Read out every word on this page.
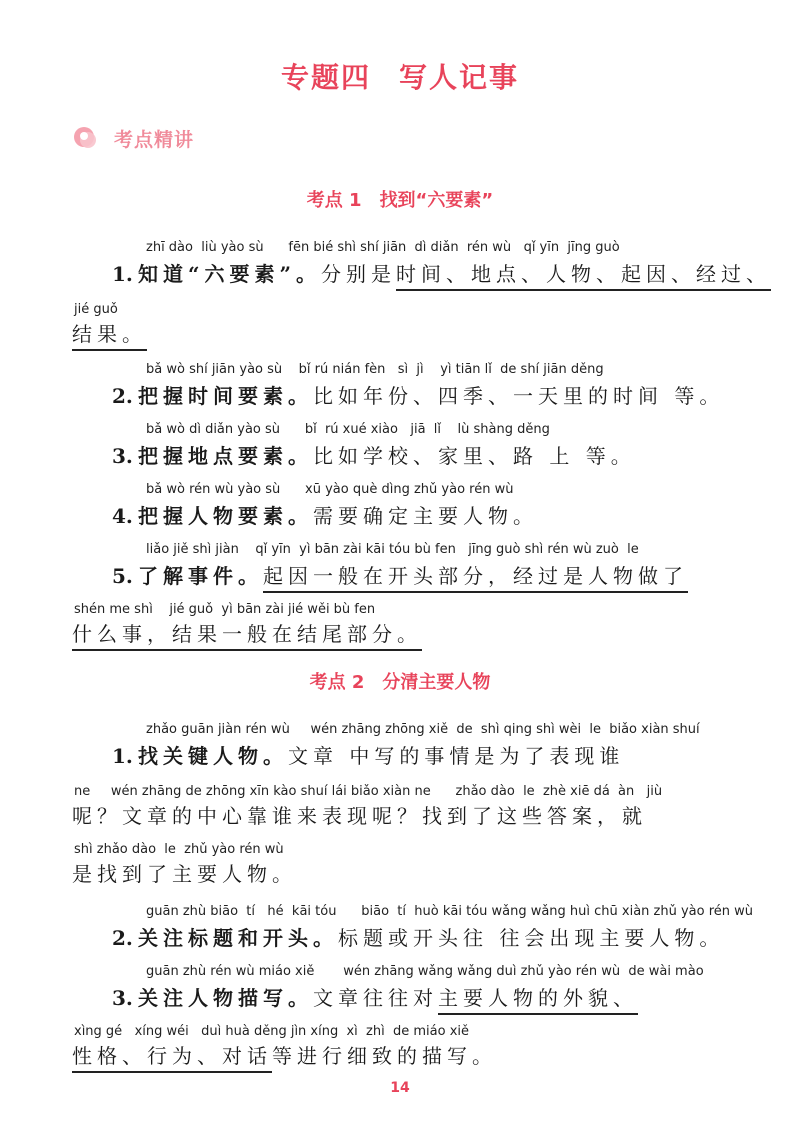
专题四 写人记事
考点精讲
考点 1 找到“六要素”
zhī dào  liù yào sù      fēn bié shì shí jiān  dì diǎn  rén wù   qǐ yīn  jīng guò
1. 知道“六要素”。分别是时间、地点、人物、起因、经过、
jié guǒ
结果。
bǎ wò shí jiān yào sù    bǐ rú nián fèn   sì  jì    yì tiān lǐ  de shí jiān děng
2. 把握时间要素。比如年份、四季、一天里的时间 等。
bǎ wò dì diǎn yào sù      bǐ  rú xué xiào   jiā  lǐ    lù shàng děng
3. 把握地点要素。比如学校、家里、路 上 等。
bǎ wò rén wù yào sù      xū yào què dìng zhǔ yào rén wù
4. 把握人物要素。需要确定主要人物。
liǎo jiě shì jiàn    qǐ yīn  yì bān zài kāi tóu bù fen   jīng guò shì rén wù zuò  le
5. 了解事件。起因一般在开头部分，经过是人物做了
shén me shì    jié guǒ  yì bān zài jié wěi bù fen
什么事，结果一般在结尾部分。
考点 2 分清主要人物
zhǎo guān jiàn rén wù     wén zhāng zhōng xiě  de  shì qing shì wèi  le  biǎo xiàn shuí
1. 找关键人物。文章 中写的事情是为了表现谁
ne     wén zhāng de zhōng xīn kào shuí lái biǎo xiàn ne      zhǎo dào  le  zhè xiē dá  àn   jiù
呢？文章的中心靠谁来表现呢？找到了这些答案，就
shì zhǎo dào  le  zhǔ yào rén wù
是找到了主要人物。
guān zhù biāo  tí   hé  kāi tóu      biāo  tí  huò kāi tóu wǎng wǎng huì chū xiàn zhǔ yào rén wù
2. 关注标题和开头。标题或开头往 往会出现主要人物。
guān zhù rén wù miáo xiě       wén zhāng wǎng wǎng duì zhǔ yào rén wù  de wài mào
3. 关注人物描写。文章往往对主要人物的外貌、
xìng gé   xíng wéi   duì huà děng jìn xíng  xì  zhì  de miáo xiě
性格、行为、对话等进行细致的描写。
14
